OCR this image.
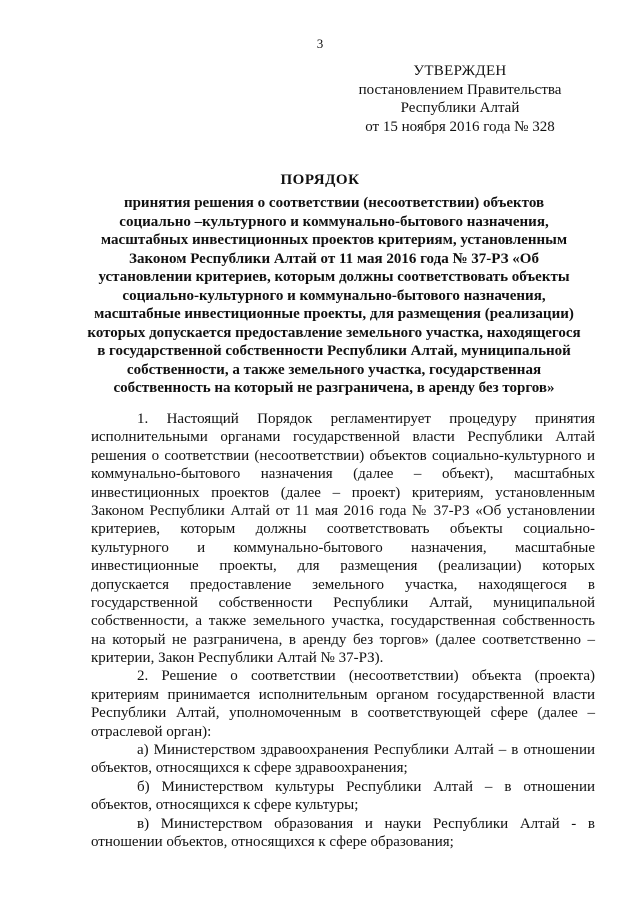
3
УТВЕРЖДЕН
постановлением Правительства
Республики Алтай
от 15 ноября 2016 года № 328
ПОРЯДОК
принятия решения о соответствии (несоответствии) объектов
социально –культурного и коммунально-бытового назначения,
масштабных инвестиционных проектов критериям, установленным
Законом Республики Алтай от 11 мая 2016 года № 37-РЗ «Об
установлении критериев, которым должны соответствовать объекты
социально-культурного и коммунально-бытового назначения,
масштабные инвестиционные проекты, для размещения (реализации)
которых допускается предоставление земельного участка, находящегося
в государственной собственности Республики Алтай, муниципальной
собственности, а также земельного участка, государственная
собственность на который не разграничена, в аренду без торгов»
1. Настоящий Порядок регламентирует процедуру принятия
исполнительными органами государственной власти Республики Алтай
решения о соответствии (несоответствии) объектов социально-культурного и
коммунально-бытового назначения (далее – объект), масштабных
инвестиционных проектов (далее – проект) критериям, установленным
Законом Республики Алтай от 11 мая 2016 года № 37-РЗ «Об установлении
критериев, которым должны соответствовать объекты социально-
культурного и коммунально-бытового назначения, масштабные
инвестиционные проекты, для размещения (реализации) которых
допускается предоставление земельного участка, находящегося в
государственной собственности Республики Алтай, муниципальной
собственности, а также земельного участка, государственная собственность
на который не разграничена, в аренду без торгов» (далее соответственно –
критерии, Закон Республики Алтай № 37-РЗ).
2. Решение о соответствии (несоответствии) объекта (проекта)
критериям принимается исполнительным органом государственной власти
Республики Алтай, уполномоченным в соответствующей сфере (далее –
отраслевой орган):
а) Министерством здравоохранения Республики Алтай – в отношении
объектов, относящихся к сфере здравоохранения;
б) Министерством культуры Республики Алтай – в отношении
объектов, относящихся к сфере культуры;
в) Министерством образования и науки Республики Алтай - в
отношении объектов, относящихся к сфере образования;
